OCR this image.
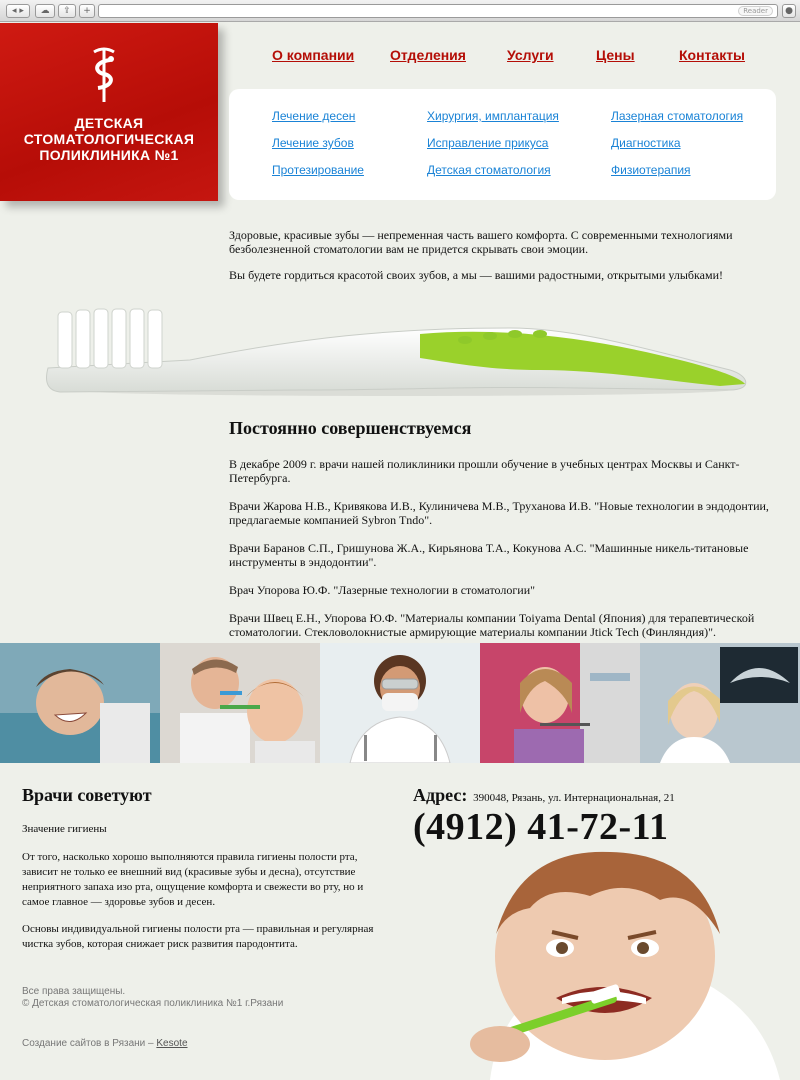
◂ ▸	☁	⇪	+	Reader	●
ДЕТСКАЯ
СТОМАТОЛОГИЧЕСКАЯ
ПОЛИКЛИНИКА №1
О компании	Отделения	Услуги	Цены	Контакты
Лечение десен	Хирургия, имплантация	Лазерная стоматология
Лечение зубов	Исправление прикуса	Диагностика
Протезирование	Детская стоматология	Физиотерапия

Здоровые, красивые зубы — непременная часть вашего комфорта. С современными технологиями безболезненной стоматологии вам не придется скрывать свои эмоции.

Вы будете гордиться красотой своих зубов, а мы — вашими радостными, открытыми улыбками!

Постоянно совершенствуемся

В декабре 2009 г. врачи нашей поликлиники прошли обучение в учебных центрах Москвы и Санкт-Петербурга.

Врачи Жарова Н.В., Кривякова И.В., Кулиничева М.В., Труханова И.В. "Новые технологии в эндодонтии, предлагаемые компанией Sybron Tndo".

Врачи Баранов С.П., Гришунова Ж.А., Кирьянова Т.А., Кокунова А.С. "Машинные никель-титановые инструменты в эндодонтии".

Врач Упорова Ю.Ф. "Лазерные технологии в стоматологии"

Врачи Швец Е.Н., Упорова Ю.Ф. "Материалы компании Toiyama Dental (Япония) для терапевтической стоматологии. Стекловолокнистые армирующие материалы компании Jtick Tech (Финляндия)".

Врачи советуют
Значение гигиены

От того, насколько хорошо выполняются правила гигиены полости рта, зависит не только ее внешний вид (красивые зубы и десна), отсутствие неприятного запаха изо рта, ощущение комфорта и свежести во рту, но и самое главное — здоровье зубов и десен.

Основы индивидуальной гигиены полости рта — правильная и регулярная чистка зубов, которая снижает риск развития пародонтита.

Адрес: 390048, Рязань, ул. Интернациональная, 21
(4912) 41-72-11
Все права защищены.
© Детская стоматологическая поликлиника №1 г.Рязани
Создание сайтов в Рязани – Kesote
